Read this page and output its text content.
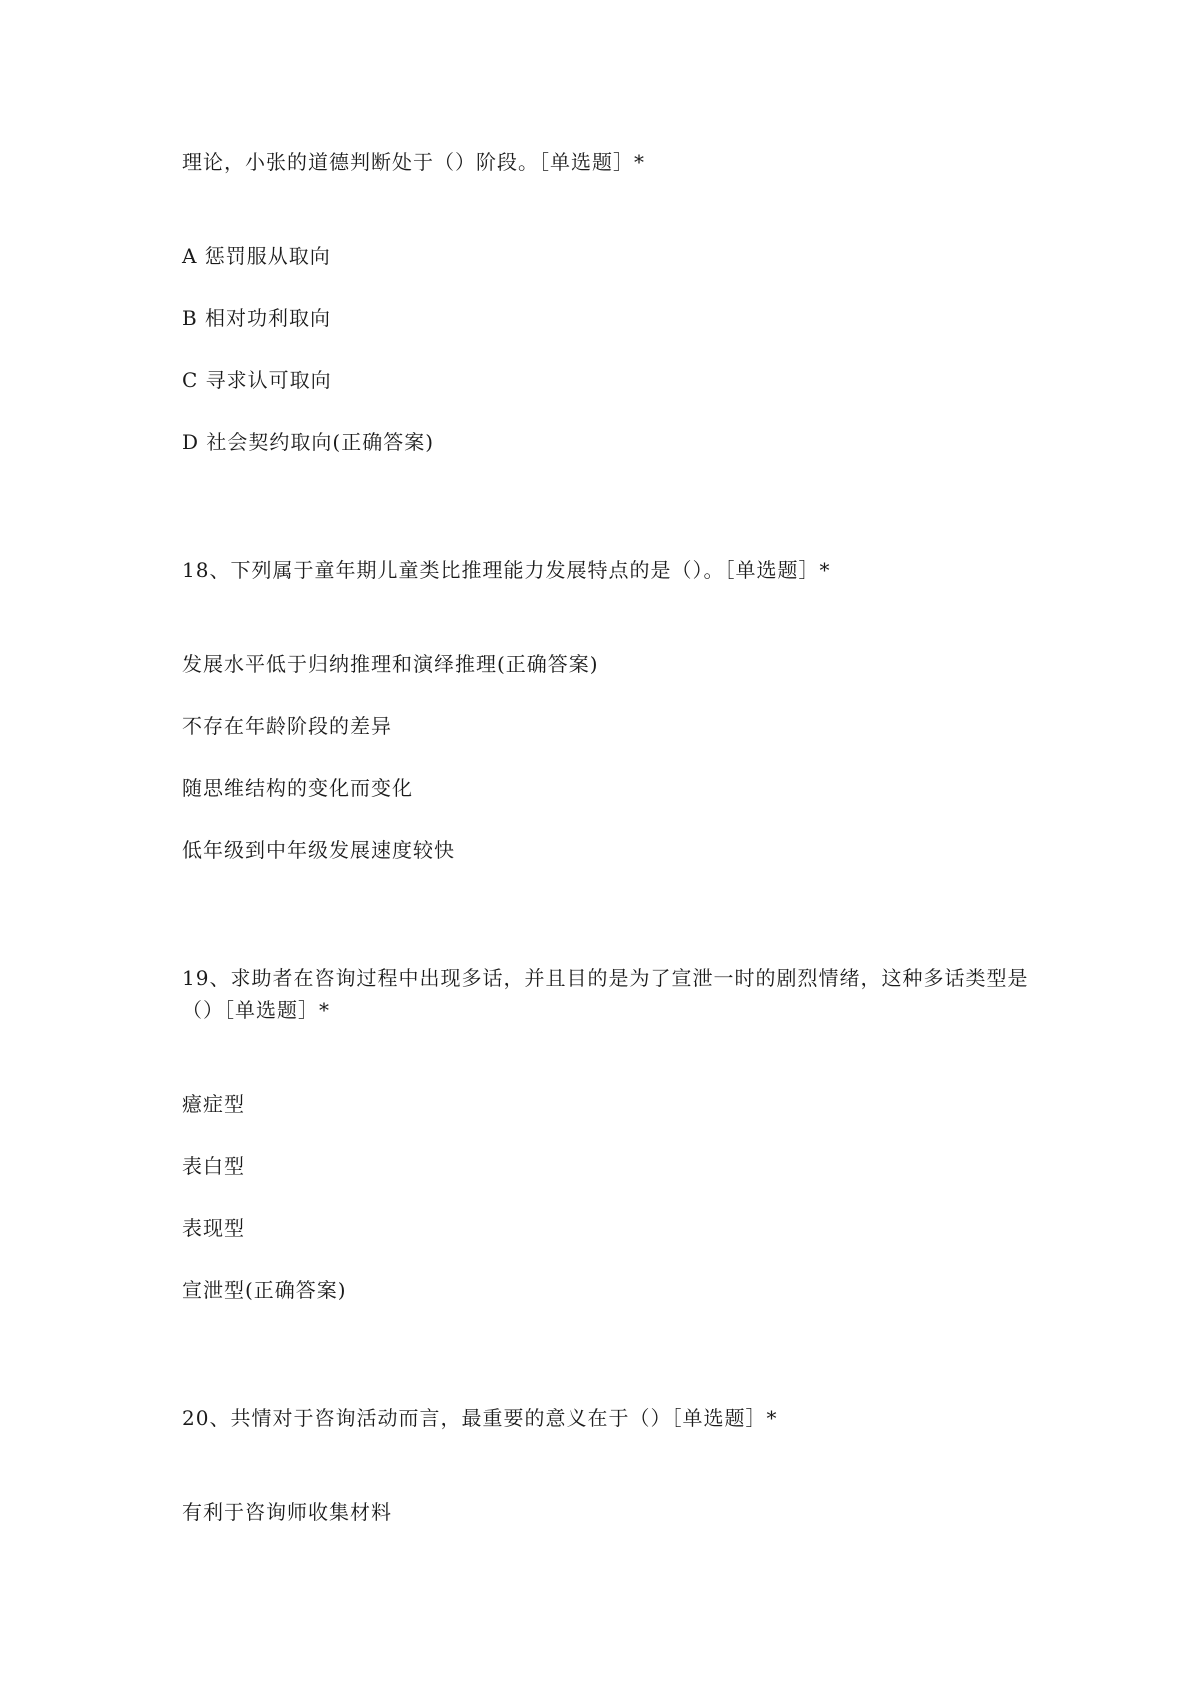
理论，小张的道德判断处于（）阶段。［单选题］*
A 惩罚服从取向
B 相对功利取向
C 寻求认可取向
D 社会契约取向(正确答案)
18、下列属于童年期儿童类比推理能力发展特点的是（）。［单选题］*
发展水平低于归纳推理和演绎推理(正确答案)
不存在年龄阶段的差异
随思维结构的变化而变化
低年级到中年级发展速度较快
19、求助者在咨询过程中出现多话，并且目的是为了宣泄一时的剧烈情绪，这种多话类型是
（）［单选题］*
癔症型
表白型
表现型
宣泄型(正确答案)
20、共情对于咨询活动而言，最重要的意义在于（）［单选题］*
有利于咨询师收集材料
